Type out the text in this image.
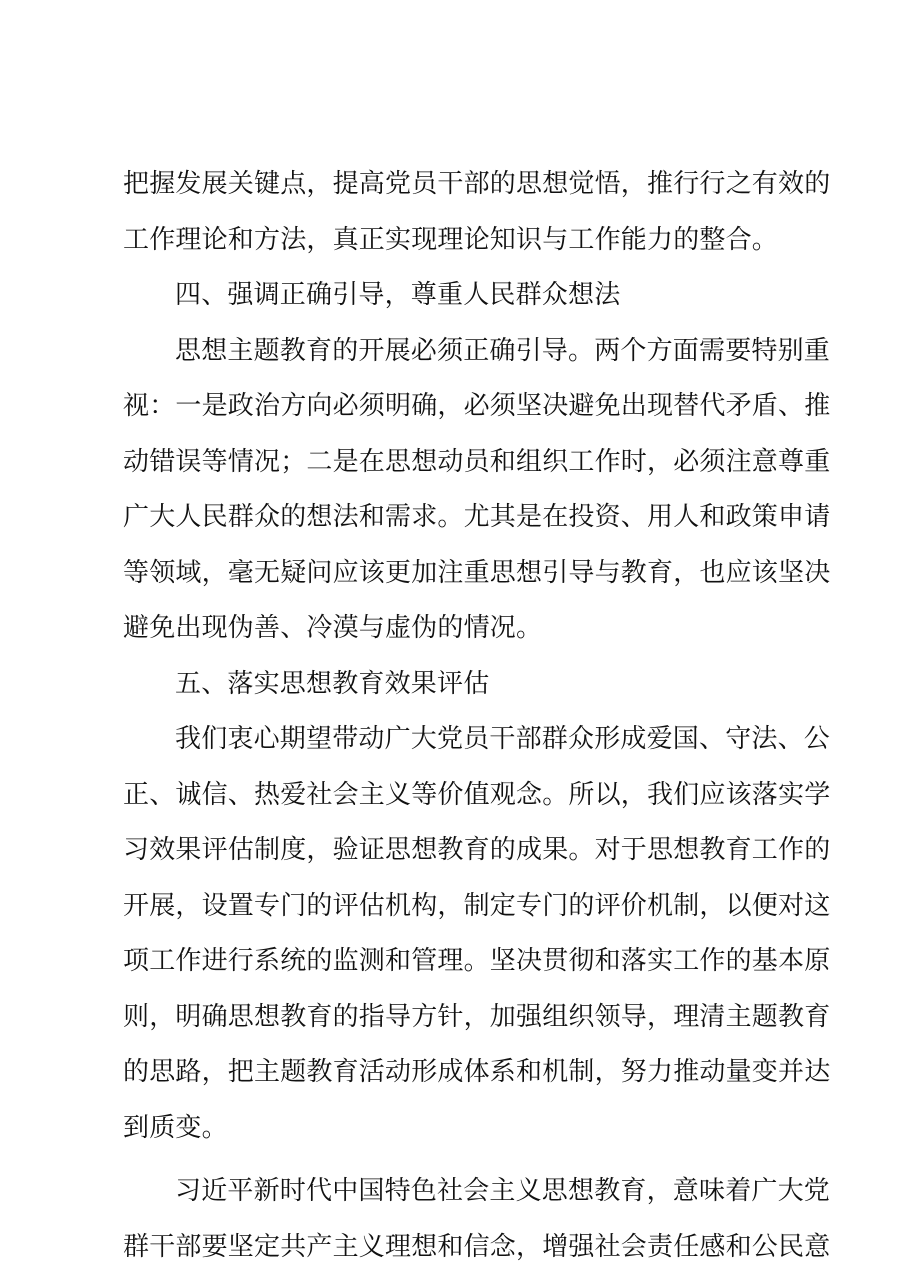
把握发展关键点，提高党员干部的思想觉悟，推行行之有效的
工作理论和方法，真正实现理论知识与工作能力的整合。
四、强调正确引导，尊重人民群众想法
思想主题教育的开展必须正确引导。两个方面需要特别重
视：一是政治方向必须明确，必须坚决避免出现替代矛盾、推
动错误等情况；二是在思想动员和组织工作时，必须注意尊重
广大人民群众的想法和需求。尤其是在投资、用人和政策申请
等领域，毫无疑问应该更加注重思想引导与教育，也应该坚决
避免出现伪善、冷漠与虚伪的情况。
五、落实思想教育效果评估
我们衷心期望带动广大党员干部群众形成爱国、守法、公
正、诚信、热爱社会主义等价值观念。所以，我们应该落实学
习效果评估制度，验证思想教育的成果。对于思想教育工作的
开展，设置专门的评估机构，制定专门的评价机制，以便对这
项工作进行系统的监测和管理。坚决贯彻和落实工作的基本原
则，明确思想教育的指导方针，加强组织领导，理清主题教育
的思路，把主题教育活动形成体系和机制，努力推动量变并达
到质变。
习近平新时代中国特色社会主义思想教育，意味着广大党
群干部要坚定共产主义理想和信念，增强社会责任感和公民意
